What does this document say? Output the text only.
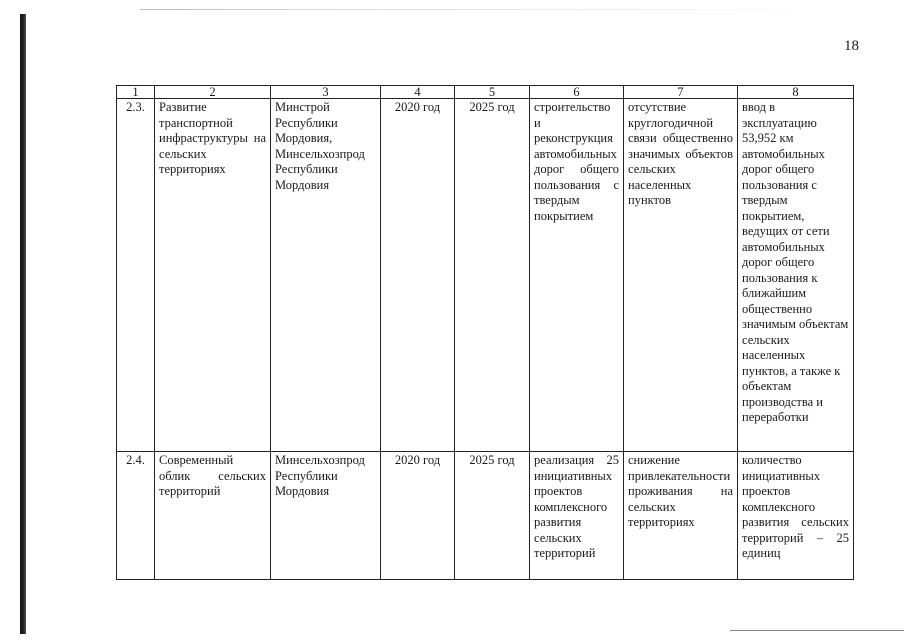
18
1	2	3	4	5	6	7	8
2.3.	Развитие транспортной инфраструктуры на сельских территориях	Минстрой Республики Мордовия, Минсельхозпрод Республики Мордовия	2020 год	2025 год	строительство и реконструкция автомобильных дорог общего пользования с твердым покрытием	отсутствие круглогодичной связи общественно значимых объектов сельских населенных пунктов	ввод в эксплуатацию 53,952 км автомобильных дорог общего пользования с твердым покрытием, ведущих от сети автомобильных дорог общего пользования к ближайшим общественно значимым объектам сельских населенных пунктов, а также к объектам производства и переработки
2.4.	Современный облик сельских территорий	Минсельхозпрод Республики Мордовия	2020 год	2025 год	реализация 25 инициативных проектов комплексного развития сельских территорий	снижение привлекательности проживания на сельских территориях	количество инициативных проектов комплексного развития сельских территорий – 25 единиц
